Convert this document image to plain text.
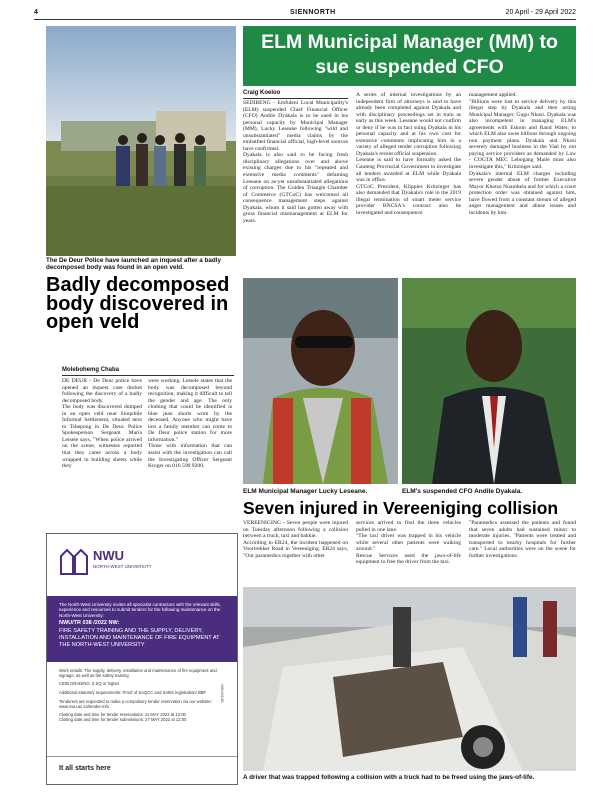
4	SIENNORTH	20 April - 29 April 2022
The De Deur Police have launched an inquest after a badly decomposed body was found in an open veld.
Badly decomposed body discovered in open veld
Molebohemg Chaba
DE DEUR - De Deur police have opened an inquest case docket following the discovery of a badly decomposed body.
The body was discovered dumped in an open veld near Sinqobile Informal Settlement, situated next to Tshepong in De Deur. Police Spokesperson Sergeant Maria Letsele says, "When police arrived on the scene, witnesses reported that they came across a body wrapped in building sheets while they
were working. Letsele states that the body was decomposed beyond recognition, making it difficult to tell the gender and age. The only clothing that could be identified is blue jean shorts worn by the deceased. Anyone who might have lost a family member can come to De Deur police station for more information."
Those with information that can assist with the investigation can call the Investigating Officer Sergeant Kruger on 016 590 9200.
NWU
NORTH-WEST UNIVERSITY
The North-West University invites all specialist contractors with the relevant skills, experience and resources to submit tenders for the following maintenance on the North-West University:
NWU/TR 038 /2022 NW:
FIRE SAFETY TRAINING AND THE SUPPLY, DELIVERY, INSTALLATION AND MAINTENANCE OF FIRE EQUIPMENT AT THE NORTH-WEST UNIVERSITY
Work entails: The supply, delivery, installation and maintenance of fire equipment and signage, as well as fire safety training
CIDB GRADING: 5 SQ or higher
Additional statutory requirements: Proof of SAQCC and SABS registration/ BBF
Tenderers are requested to make a compulsory tender reservation via our website: www.nwu.ac.za/tender-info
Closing date and time for tender reservations: 11 MAY 2022 at 12:00
Closing date and time for tender submissions: 27 MAY 2022 at 12:00
NWU0138
It all starts here
ELM Municipal Manager (MM) to sue suspended CFO
Craig Koeloo
SEDIBENG - Emfuleni Local Municipality's (ELM) suspended Chief Financial Officer (CFO) Andile Dyakala is to be sued in his personal capacity by Municipal Manager (MM), Lucky Leseane following "wild and unsubstantiated" media claims by the embattled financial official, high-level sources have confirmed.
Dyakala is also said to be facing fresh disciplinary allegations over and above existing charges due to his "repeated and extensive media comments" defaming Leseane on as-yet unsubstantiated allegations of corruption. The Golden Triangle Chamber of Commerce (GTCoC) has welcomed all consequence management steps against Dyakala, whom it said has gotten away with gross financial mismanagement at ELM for years.
A series of internal investigations by an independent firm of attorneys is said to have already been completed against Dyakala and with disciplinary proceedings set in train as early as this week. Leseane would not confirm or deny if he was in fact suing Dyakala in his personal capacity and at his own cost for extensive comments implicating him in a variety of alleged tender corruption following Dyakala's recent official suspension.
Leseane is said to have formally asked the Gauteng Provincial Government to investigate all tenders awarded at ELM while Dyakala was in office.
GTCoC President, Klippies Kritzinger has also demanded that Dyakala's role in the 2019 illegal termination of smart meter service provider BNCSA's contract also be investigated and consequence
management applied.
"Billions were lost to service delivery by this illegal step by Dyakala and then acting Municipal Manager, Gugu Nkosi. Dyakala was also incompetent in managing ELM's agreements with Eskom and Rand Water, to which ELM also owes billions through ongoing non payment plans. Dyakala and Nkosi severely damaged business in the Vaal by not paying service providers as demanded by Law - COGTA MEC Lebogang Maile must also investigate this," Kritzinger said.
Dyakala's internal ELM charges including severe gender abuse of former Executive Mayor Khotso Nuambela and for which a court protection order was obtained against him, have flowed from a constant stream of alleged anger management and abuse issues and incidents by him.
ELM Municipal Manager Lucky Leseane.	ELM's suspended CFO Andile Dyakala.
Seven injured in Vereeniging collision
VEREENIGING - Seven people were injured on Tuesday afternoon following a collision between a truck, taxi and bakkie.
According to ER24, the incident happened on Voortrekker Road in Vereeniging. ER24 says, "Our paramedics together with other
services arrived to find the three vehicles pulled in one lane.
"The taxi driver was trapped in his vehicle while several other patients were walking around."
Rescue Services used the jaws-of-life equipment to free the driver from the taxi.
"Paramedics assessed the patients and found that seven adults had sustained minor to moderate injuries. "Patients were treated and transported to nearby hospitals for further care." Local authorities were on the scene for further investigations.
A driver that was trapped following a collision with a truck had to be freed using the jaws-of-life.
